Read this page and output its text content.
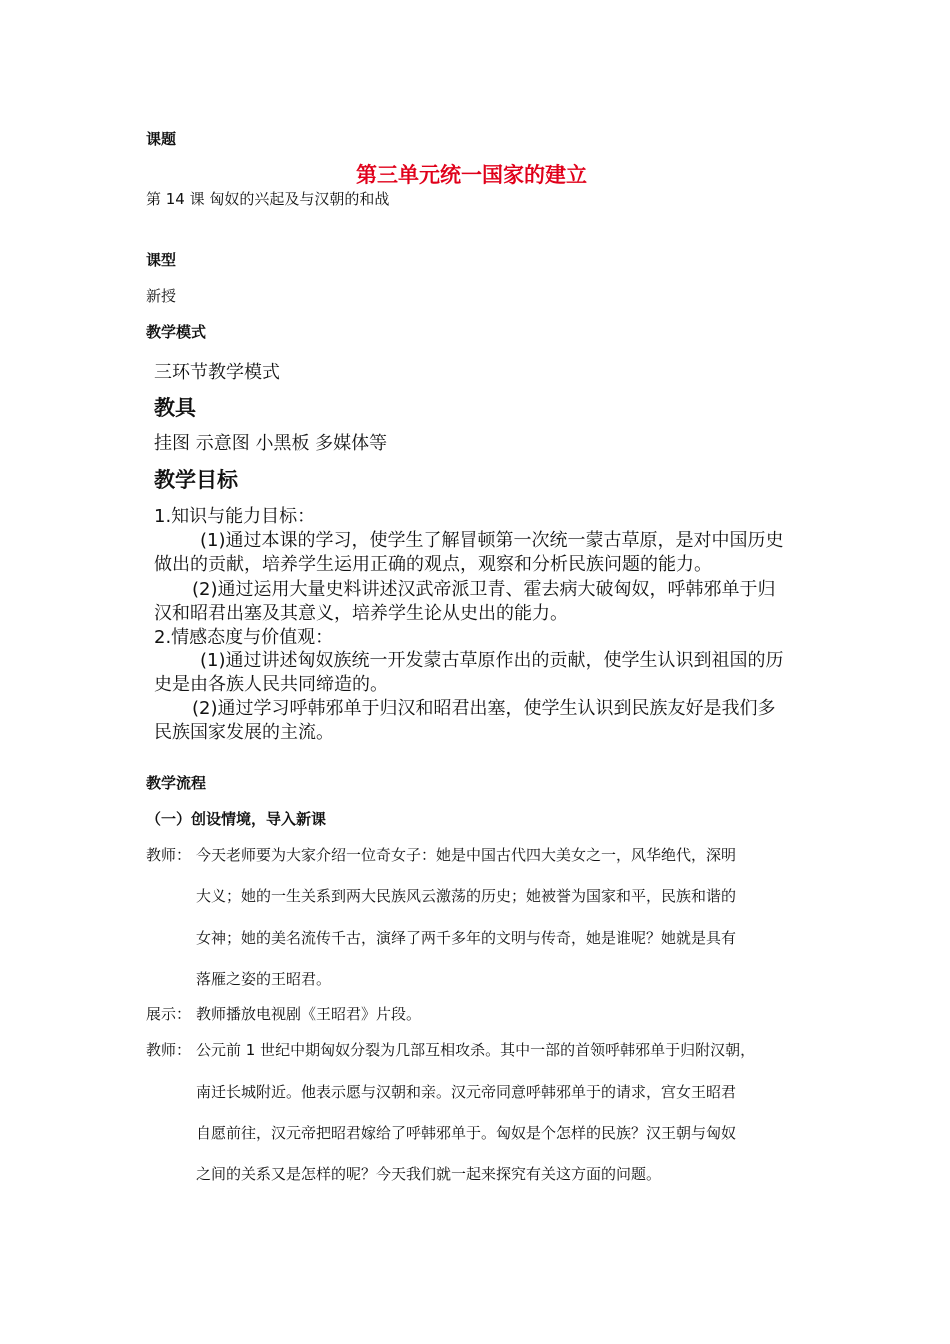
课题
第三单元统一国家的建立
第 14 课 匈奴的兴起及与汉朝的和战
课型
新授
教学模式
三环节教学模式
教具
挂图 示意图 小黑板 多媒体等
教学目标
1.知识与能力目标：
(1)通过本课的学习，使学生了解冒顿第一次统一蒙古草原，是对中国历史
做出的贡献，培养学生运用正确的观点，观察和分析民族问题的能力。
(2)通过运用大量史料讲述汉武帝派卫青、霍去病大破匈奴，呼韩邪单于归
汉和昭君出塞及其意义，培养学生论从史出的能力。
2.情感态度与价值观：
(1)通过讲述匈奴族统一开发蒙古草原作出的贡献，使学生认识到祖国的历
史是由各族人民共同缔造的。
(2)通过学习呼韩邪单于归汉和昭君出塞，使学生认识到民族友好是我们多
民族国家发展的主流。
教学流程
（一）创设情境，导入新课
教师： 今天老师要为大家介绍一位奇女子：她是中国古代四大美女之一，风华绝代，深明
大义；她的一生关系到两大民族风云激荡的历史；她被誉为国家和平，民族和谐的
女神；她的美名流传千古，演绎了两千多年的文明与传奇，她是谁呢？她就是具有
落雁之姿的王昭君。
展示： 教师播放电视剧《王昭君》片段。
教师： 公元前 1 世纪中期匈奴分裂为几部互相攻杀。其中一部的首领呼韩邪单于归附汉朝，
南迁长城附近。他表示愿与汉朝和亲。汉元帝同意呼韩邪单于的请求，宫女王昭君
自愿前往，汉元帝把昭君嫁给了呼韩邪单于。匈奴是个怎样的民族？汉王朝与匈奴
之间的关系又是怎样的呢？今天我们就一起来探究有关这方面的问题。
